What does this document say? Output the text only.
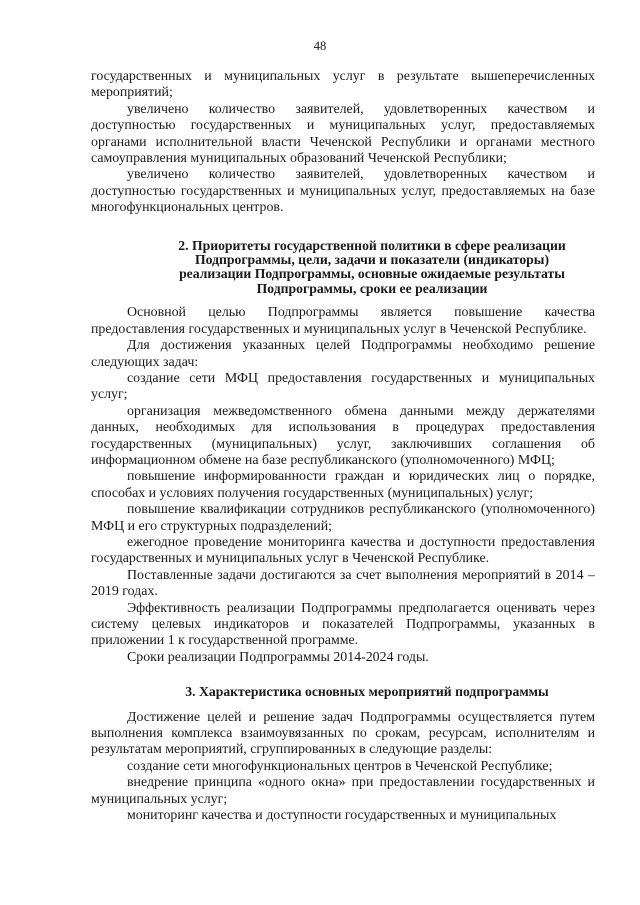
48

государственных и муниципальных услуг в результате вышеперечисленных мероприятий;

увеличено количество заявителей, удовлетворенных качеством и доступностью государственных и муниципальных услуг, предоставляемых органами исполнительной власти Чеченской Республики и органами местного самоуправления муниципальных образований Чеченской Республики;

увеличено количество заявителей, удовлетворенных качеством и доступностью государственных и муниципальных услуг, предоставляемых на базе многофункциональных центров.

2. Приоритеты государственной политики в сфере реализации
Подпрограммы, цели, задачи и показатели (индикаторы)
реализации Подпрограммы, основные ожидаемые результаты
Подпрограммы, сроки ее реализации

Основной целью Подпрограммы является повышение качества предоставления государственных и муниципальных услуг в Чеченской Республике.

Для достижения указанных целей Подпрограммы необходимо решение следующих задач:

создание сети МФЦ предоставления государственных и муниципальных услуг;

организация межведомственного обмена данными между держателями данных, необходимых для использования в процедурах предоставления государственных (муниципальных) услуг, заключивших соглашения об информационном обмене на базе республиканского (уполномоченного) МФЦ;

повышение информированности граждан и юридических лиц о порядке, способах и условиях получения государственных (муниципальных) услуг;

повышение квалификации сотрудников республиканского (уполномоченного) МФЦ и его структурных подразделений;

ежегодное проведение мониторинга качества и доступности предоставления государственных и муниципальных услуг в Чеченской Республике.

Поставленные задачи достигаются за счет выполнения мероприятий в 2014 – 2019 годах.

Эффективность реализации Подпрограммы предполагается оценивать через систему целевых индикаторов и показателей Подпрограммы, указанных в приложении 1 к государственной программе.

Сроки реализации Подпрограммы 2014-2024 годы.

3. Характеристика основных мероприятий подпрограммы

Достижение целей и решение задач Подпрограммы осуществляется путем выполнения комплекса взаимоувязанных по срокам, ресурсам, исполнителям и результатам мероприятий, сгруппированных в следующие разделы:

создание сети многофункциональных центров в Чеченской Республике;

внедрение принципа «одного окна» при предоставлении государственных и муниципальных услуг;

мониторинг качества и доступности государственных и муниципальных
